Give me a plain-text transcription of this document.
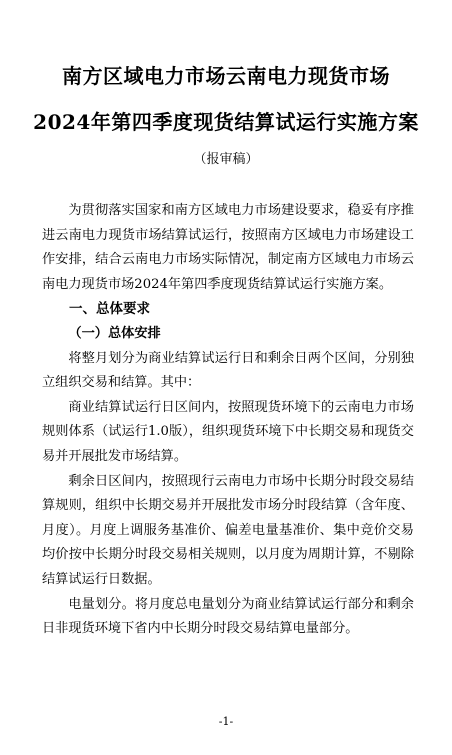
南方区域电力市场云南电力现货市场
2024年第四季度现货结算试运行实施方案
（报审稿）

为贯彻落实国家和南方区域电力市场建设要求，稳妥有序推进云南电力现货市场结算试运行，按照南方区域电力市场建设工作安排，结合云南电力市场实际情况，制定南方区域电力市场云南电力现货市场2024年第四季度现货结算试运行实施方案。

一、总体要求
（一）总体安排

将整月划分为商业结算试运行日和剩余日两个区间，分别独立组织交易和结算。其中：

商业结算试运行日区间内，按照现货环境下的云南电力市场规则体系（试运行1.0版），组织现货环境下中长期交易和现货交易并开展批发市场结算。

剩余日区间内，按照现行云南电力市场中长期分时段交易结算规则，组织中长期交易并开展批发市场分时段结算（含年度、月度）。月度上调服务基准价、偏差电量基准价、集中竞价交易均价按中长期分时段交易相关规则，以月度为周期计算，不剔除结算试运行日数据。

电量划分。将月度总电量划分为商业结算试运行部分和剩余日非现货环境下省内中长期分时段交易结算电量部分。

-1-
